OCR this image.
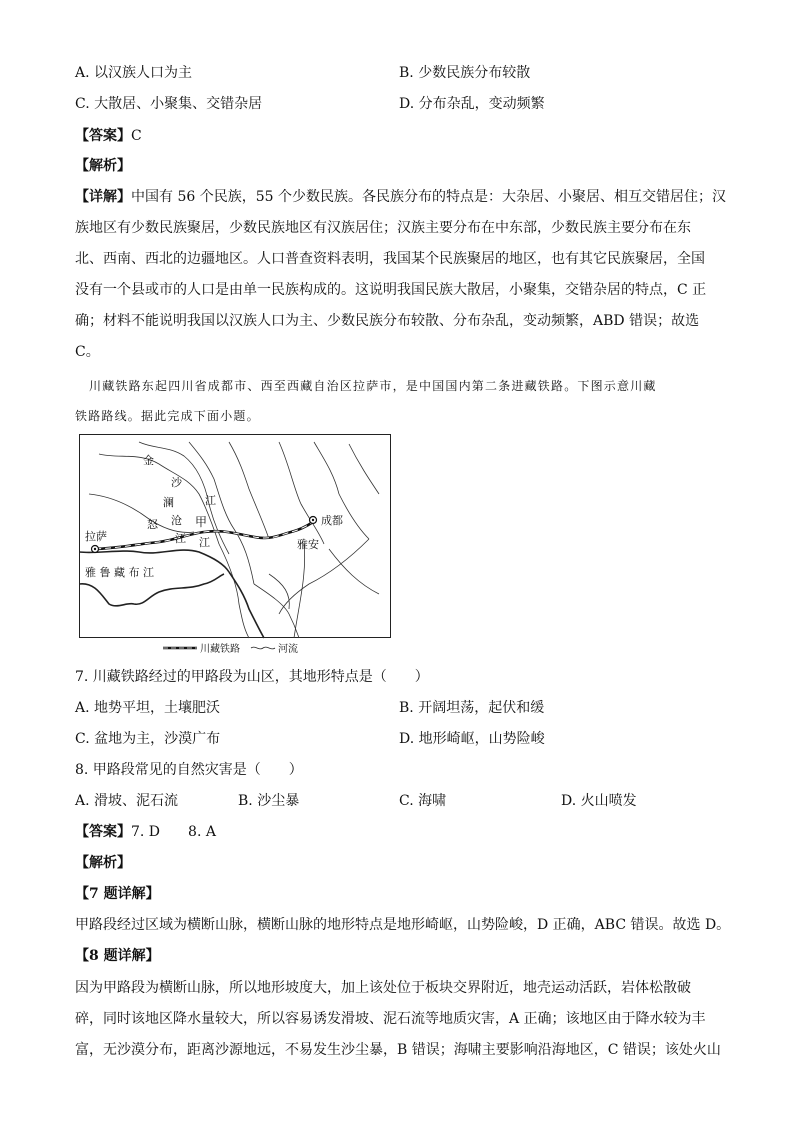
A. 以汉族人口为主	B. 少数民族分布较散
C. 大散居、小聚集、交错杂居	D. 分布杂乱，变动频繁
【答案】C
【解析】
【详解】中国有 56 个民族，55 个少数民族。各民族分布的特点是：大杂居、小聚居、相互交错居住；汉
族地区有少数民族聚居，少数民族地区有汉族居住；汉族主要分布在中东部，少数民族主要分布在东
北、西南、西北的边疆地区。人口普查资料表明，我国某个民族聚居的地区，也有其它民族聚居，全国
没有一个县或市的人口是由单一民族构成的。这说明我国民族大散居，小聚集，交错杂居的特点，C 正
确；材料不能说明我国以汉族人口为主、少数民族分布较散、分布杂乱，变动频繁，ABD 错误；故选
C。
川藏铁路东起四川省成都市、西至西藏自治区拉萨市，是中国国内第二条进藏铁路。下图示意川藏
铁路路线。据此完成下面小题。
金
沙
江
澜
沧
江
怒
江
甲
拉萨
成都
雅安
雅 鲁 藏 布 江
川藏铁路	河流
7. 川藏铁路经过的甲路段为山区，其地形特点是（　　）
A. 地势平坦，土壤肥沃	B. 开阔坦荡，起伏和缓
C. 盆地为主，沙漠广布	D. 地形崎岖，山势险峻
8. 甲路段常见的自然灾害是（　　）
A. 滑坡、泥石流	B. 沙尘暴	C. 海啸	D. 火山喷发
【答案】7. D　　8. A
【解析】
【7 题详解】
甲路段经过区域为横断山脉，横断山脉的地形特点是地形崎岖，山势险峻，D 正确，ABC 错误。故选 D。
【8 题详解】
因为甲路段为横断山脉，所以地形坡度大，加上该处位于板块交界附近，地壳运动活跃，岩体松散破
碎，同时该地区降水量较大，所以容易诱发滑坡、泥石流等地质灾害，A 正确；该地区由于降水较为丰
富，无沙漠分布，距离沙源地远，不易发生沙尘暴，B 错误；海啸主要影响沿海地区，C 错误；该处火山
